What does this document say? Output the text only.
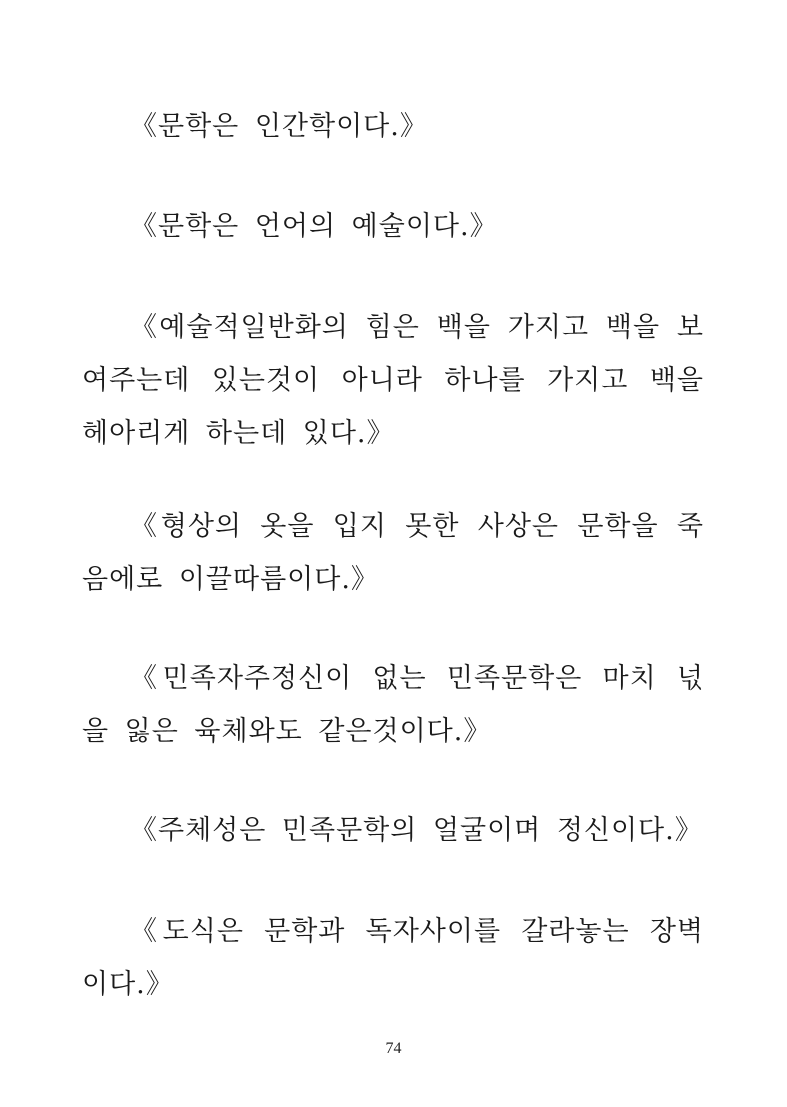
《문학은 인간학이다.》

《문학은 언어의 예술이다.》

《예술적일반화의 힘은 백을 가지고 백을 보여주는데 있는것이 아니라 하나를 가지고 백을 헤아리게 하는데 있다.》

《형상의 옷을 입지 못한 사상은 문학을 죽음에로 이끌따름이다.》

《민족자주정신이 없는 민족문학은 마치 넋을 잃은 육체와도 같은것이다.》

《주체성은 민족문학의 얼굴이며 정신이다.》

《도식은 문학과 독자사이를 갈라놓는 장벽이다.》

74
